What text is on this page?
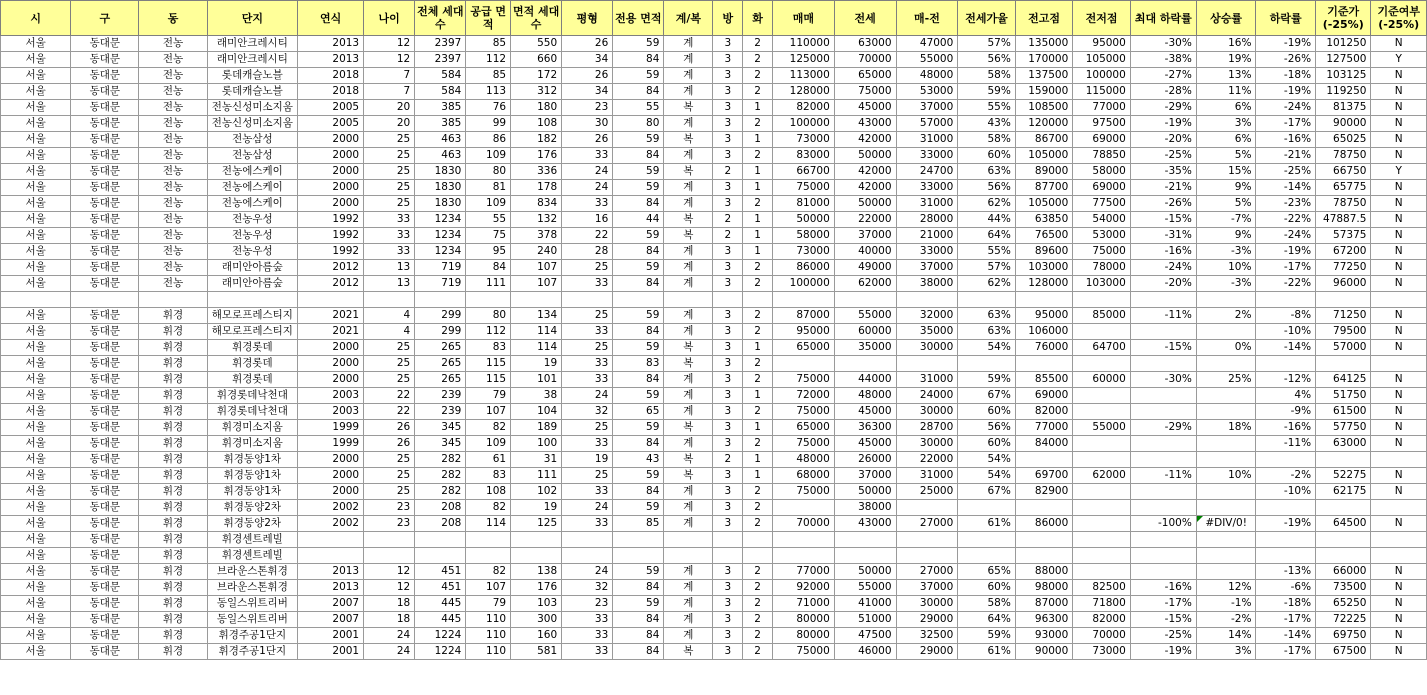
시	구	동	단지	연식	나이	전체 세대수	공급 면적	면적 세대수	평형	전용 면적	계/복	방	화	매매	전세	매-전	전세가율	전고점	전저점	최대 하락률	상승률	하락률	기준가 (-25%)	기준여부 (-25%)
서울	동대문	전농	래미안크레시티	2013	12	2397	85	550	26	59	계	3	2	110000	63000	47000	57%	135000	95000	-30%	16%	-19%	101250	N
서울	동대문	전농	래미안크레시티	2013	12	2397	112	660	34	84	계	3	2	125000	70000	55000	56%	170000	105000	-38%	19%	-26%	127500	Y
서울	동대문	전농	롯데캐슬노블	2018	7	584	85	172	26	59	계	3	2	113000	65000	48000	58%	137500	100000	-27%	13%	-18%	103125	N
서울	동대문	전농	롯데캐슬노블	2018	7	584	113	312	34	84	계	3	2	128000	75000	53000	59%	159000	115000	-28%	11%	-19%	119250	N
서울	동대문	전농	전농신성미소지움	2005	20	385	76	180	23	55	복	3	1	82000	45000	37000	55%	108500	77000	-29%	6%	-24%	81375	N
서울	동대문	전농	전농신성미소지움	2005	20	385	99	108	30	80	계	3	2	100000	43000	57000	43%	120000	97500	-19%	3%	-17%	90000	N
서울	동대문	전농	전농삼성	2000	25	463	86	182	26	59	복	3	1	73000	42000	31000	58%	86700	69000	-20%	6%	-16%	65025	N
서울	동대문	전농	전농삼성	2000	25	463	109	176	33	84	계	3	2	83000	50000	33000	60%	105000	78850	-25%	5%	-21%	78750	N
서울	동대문	전농	전농에스케이	2000	25	1830	80	336	24	59	복	2	1	66700	42000	24700	63%	89000	58000	-35%	15%	-25%	66750	Y
서울	동대문	전농	전농에스케이	2000	25	1830	81	178	24	59	계	3	1	75000	42000	33000	56%	87700	69000	-21%	9%	-14%	65775	N
서울	동대문	전농	전농에스케이	2000	25	1830	109	834	33	84	계	3	2	81000	50000	31000	62%	105000	77500	-26%	5%	-23%	78750	N
서울	동대문	전농	전농우성	1992	33	1234	55	132	16	44	복	2	1	50000	22000	28000	44%	63850	54000	-15%	-7%	-22%	47887.5	N
서울	동대문	전농	전농우성	1992	33	1234	75	378	22	59	복	2	1	58000	37000	21000	64%	76500	53000	-31%	9%	-24%	57375	N
서울	동대문	전농	전농우성	1992	33	1234	95	240	28	84	계	3	1	73000	40000	33000	55%	89600	75000	-16%	-3%	-19%	67200	N
서울	동대문	전농	래미안아름숲	2012	13	719	84	107	25	59	계	3	2	86000	49000	37000	57%	103000	78000	-24%	10%	-17%	77250	N
서울	동대문	전농	래미안아름숲	2012	13	719	111	107	33	84	계	3	2	100000	62000	38000	62%	128000	103000	-20%	-3%	-22%	96000	N

서울	동대문	휘경	해모로프레스티지	2021	4	299	80	134	25	59	계	3	2	87000	55000	32000	63%	95000	85000	-11%	2%	-8%	71250	N
서울	동대문	휘경	해모로프레스티지	2021	4	299	112	114	33	84	계	3	2	95000	60000	35000	63%	106000				-10%	79500	N
서울	동대문	휘경	휘경롯데	2000	25	265	83	114	25	59	복	3	1	65000	35000	30000	54%	76000	64700	-15%	0%	-14%	57000	N
서울	동대문	휘경	휘경롯데	2000	25	265	115	19	33	83	복	3	2											
서울	동대문	휘경	휘경롯데	2000	25	265	115	101	33	84	계	3	2	75000	44000	31000	59%	85500	60000	-30%	25%	-12%	64125	N
서울	동대문	휘경	휘경롯데낙천대	2003	22	239	79	38	24	59	계	3	1	72000	48000	24000	67%	69000				4%	51750	N
서울	동대문	휘경	휘경롯데낙천대	2003	22	239	107	104	32	65	계	3	2	75000	45000	30000	60%	82000				-9%	61500	N
서울	동대문	휘경	휘경미소지움	1999	26	345	82	189	25	59	복	3	1	65000	36300	28700	56%	77000	55000	-29%	18%	-16%	57750	N
서울	동대문	휘경	휘경미소지움	1999	26	345	109	100	33	84	계	3	2	75000	45000	30000	60%	84000				-11%	63000	N
서울	동대문	휘경	휘경동양1차	2000	25	282	61	31	19	43	복	2	1	48000	26000	22000	54%							
서울	동대문	휘경	휘경동양1차	2000	25	282	83	111	25	59	복	3	1	68000	37000	31000	54%	69700	62000	-11%	10%	-2%	52275	N
서울	동대문	휘경	휘경동양1차	2000	25	282	108	102	33	84	계	3	2	75000	50000	25000	67%	82900				-10%	62175	N
서울	동대문	휘경	휘경동양2차	2002	23	208	82	19	24	59	계	3	2		38000									
서울	동대문	휘경	휘경동양2차	2002	23	208	114	125	33	85	계	3	2	70000	43000	27000	61%	86000		-100%	#DIV/0!	-19%	64500	N
서울	동대문	휘경	휘경센트레빌																					
서울	동대문	휘경	휘경센트레빌																					
서울	동대문	휘경	브라운스톤휘경	2013	12	451	82	138	24	59	계	3	2	77000	50000	27000	65%	88000				-13%	66000	N
서울	동대문	휘경	브라운스톤휘경	2013	12	451	107	176	32	84	계	3	2	92000	55000	37000	60%	98000	82500	-16%	12%	-6%	73500	N
서울	동대문	휘경	동일스위트리버	2007	18	445	79	103	23	59	계	3	2	71000	41000	30000	58%	87000	71800	-17%	-1%	-18%	65250	N
서울	동대문	휘경	동일스위트리버	2007	18	445	110	300	33	84	계	3	2	80000	51000	29000	64%	96300	82000	-15%	-2%	-17%	72225	N
서울	동대문	휘경	휘경주공1단지	2001	24	1224	110	160	33	84	계	3	2	80000	47500	32500	59%	93000	70000	-25%	14%	-14%	69750	N
서울	동대문	휘경	휘경주공1단지	2001	24	1224	110	581	33	84	복	3	2	75000	46000	29000	61%	90000	73000	-19%	3%	-17%	67500	N
